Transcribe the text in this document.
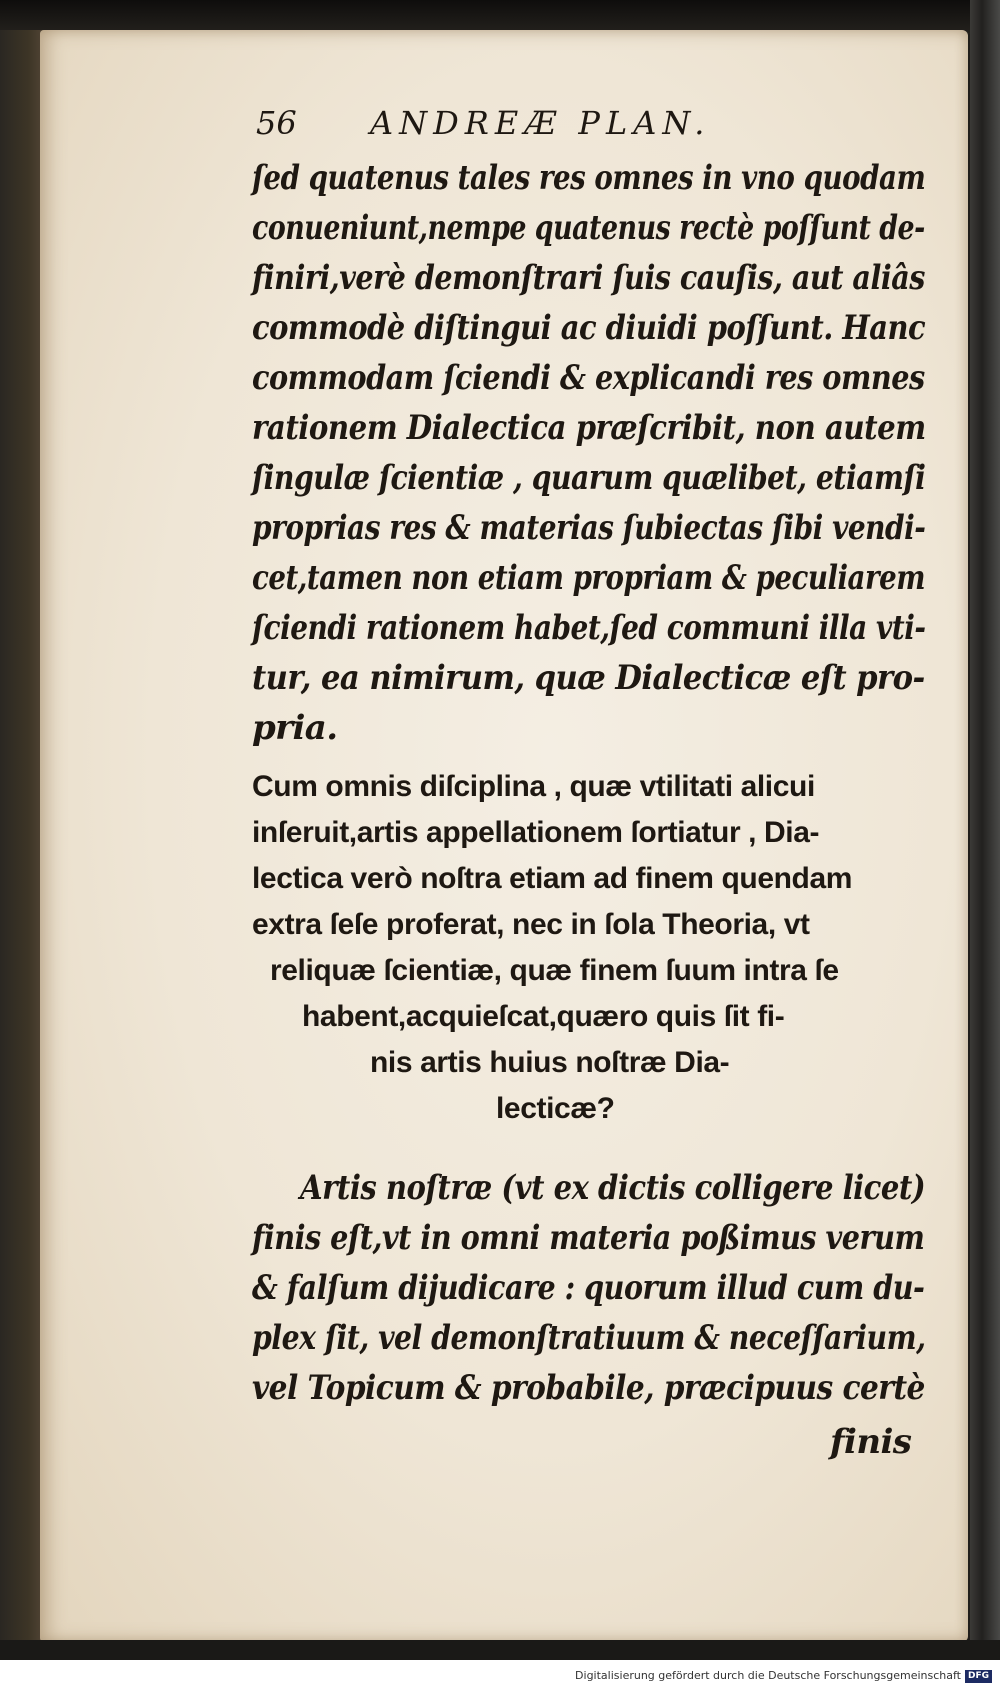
56 ANDREÆ PLAN.
ſed quatenus tales res omnes in vno quodam
conueniunt,nempe quatenus rectè poſſunt de-
finiri,verè demonſtrari ſuis cauſis, aut aliâs
commodè diſtingui ac diuidi poſſunt. Hanc
commodam ſciendi & explicandi res omnes
rationem Dialectica præſcribit, non autem
ſingulæ ſcientiæ , quarum quælibet, etiamſi
proprias res & materias ſubiectas ſibi vendi-
cet,tamen non etiam propriam & peculiarem
ſciendi rationem habet,ſed communi illa vti-
tur, ea nimirum, quæ Dialecticæ eſt pro-
pria.
Cum omnis diſciplina , quæ vtilitati alicui
inſeruit,artis appellationem ſortiatur , Dia-
lectica verò noſtra etiam ad finem quendam
extra ſeſe proferat, nec in ſola Theoria, vt
reliquæ ſcientiæ, quæ finem ſuum intra ſe
habent,acquieſcat,quæro quis ſit fi-
nis artis huius noſtræ Dia-
lecticæ?
Artis noſtræ (vt ex dictis colligere licet)
finis eſt,vt in omni materia poßimus verum
& falſum dijudicare : quorum illud cum du-
plex ſit, vel demonſtratiuum & neceſſarium,
vel Topicum & probabile, præcipuus certè
finis
Digitalisierung gefördert durch die Deutsche Forschungsgemeinschaft DFG
